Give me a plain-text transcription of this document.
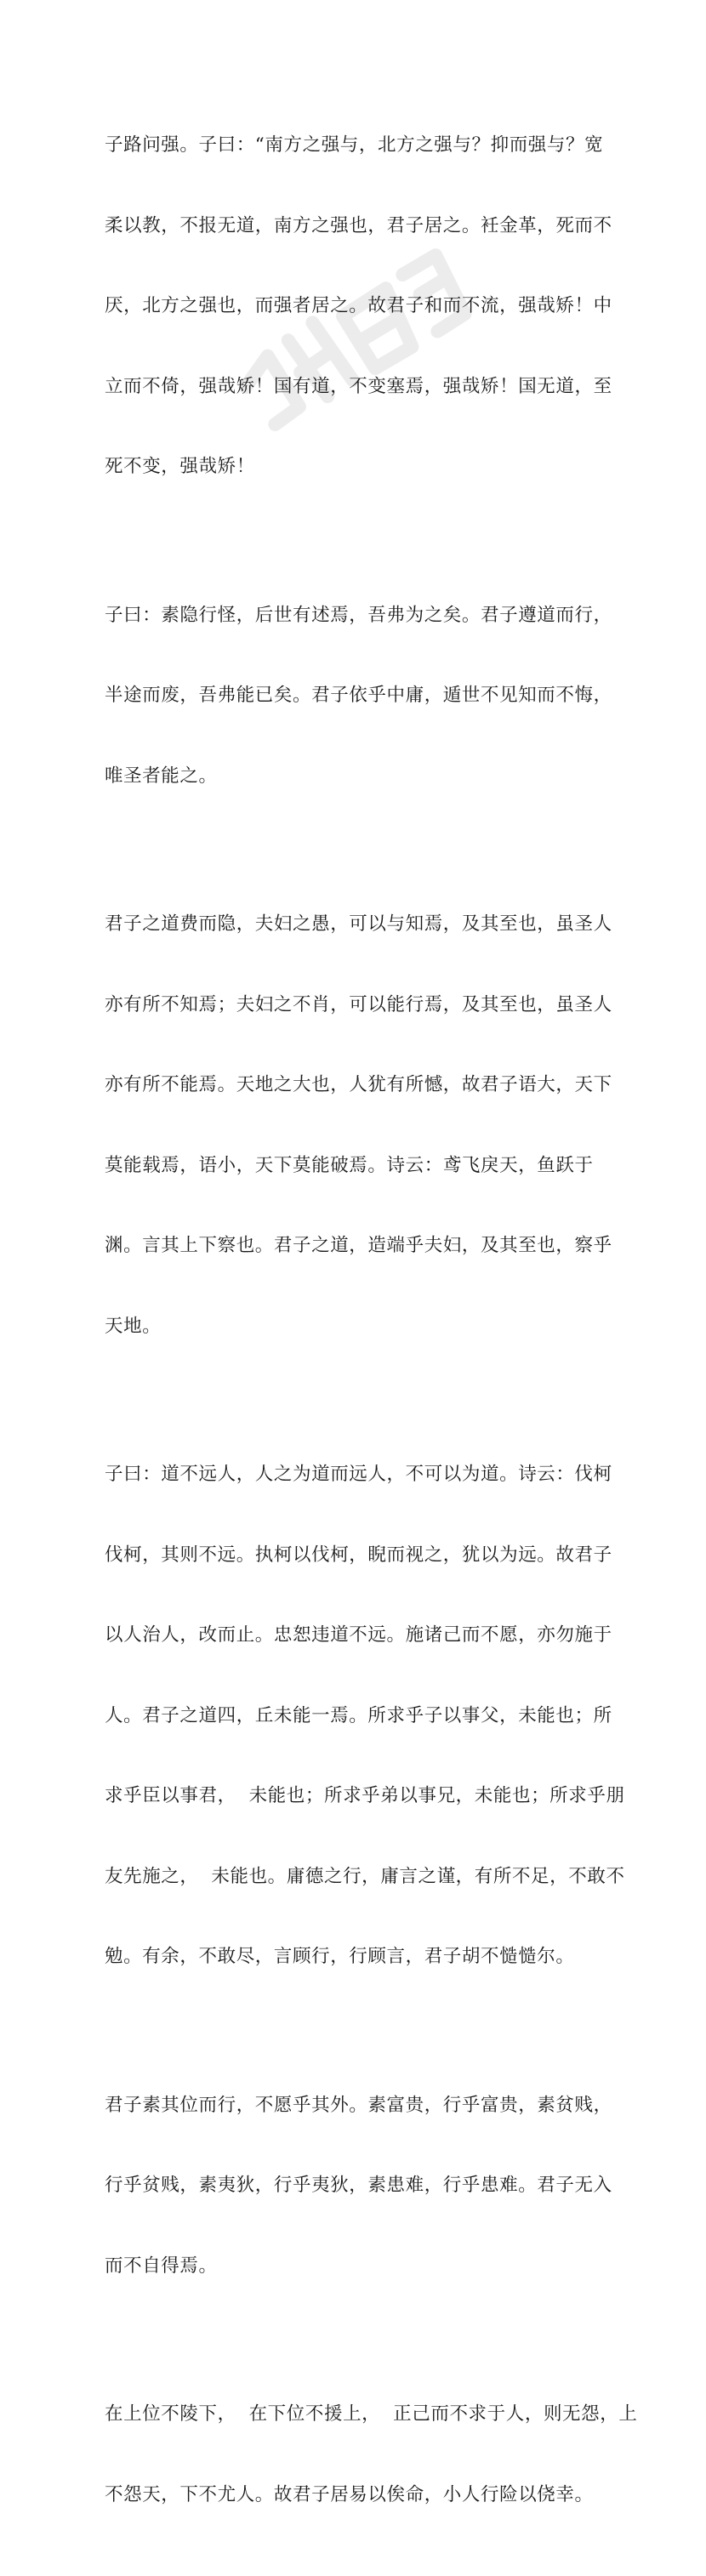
子路问强。子曰：“南方之强与，北方之强与？抑而强与？宽

柔以教，不报无道，南方之强也，君子居之。衽金革，死而不

厌，北方之强也，而强者居之。故君子和而不流，强哉矫！中

立而不倚，强哉矫！国有道，不变塞焉，强哉矫！国无道，至

死不变，强哉矫！

子曰：素隐行怪，后世有述焉，吾弗为之矣。君子遵道而行，

半途而废，吾弗能已矣。君子依乎中庸，遁世不见知而不悔，

唯圣者能之。

君子之道费而隐，夫妇之愚，可以与知焉，及其至也，虽圣人

亦有所不知焉；夫妇之不肖，可以能行焉，及其至也，虽圣人

亦有所不能焉。天地之大也，人犹有所憾，故君子语大，天下

莫能载焉，语小，天下莫能破焉。诗云：鸢飞戾天，鱼跃于

渊。言其上下察也。君子之道，造端乎夫妇，及其至也，察乎

天地。

子曰：道不远人，人之为道而远人，不可以为道。诗云：伐柯

伐柯，其则不远。执柯以伐柯，睨而视之，犹以为远。故君子

以人治人，改而止。忠恕违道不远。施诸己而不愿，亦勿施于

人。君子之道四，丘未能一焉。所求乎子以事父，未能也；所

求乎臣以事君，  未能也；所求乎弟以事兄，未能也；所求乎朋

友先施之，  未能也。庸德之行，庸言之谨，有所不足，不敢不

勉。有余，不敢尽，言顾行，行顾言，君子胡不慥慥尔。

君子素其位而行，不愿乎其外。素富贵，行乎富贵，素贫贱，

行乎贫贱，素夷狄，行乎夷狄，素患难，行乎患难。君子无入

而不自得焉。

在上位不陵下，  在下位不援上，  正己而不求于人，则无怨，上

不怨天，下不尤人。故君子居易以俟命，小人行险以侥幸。
